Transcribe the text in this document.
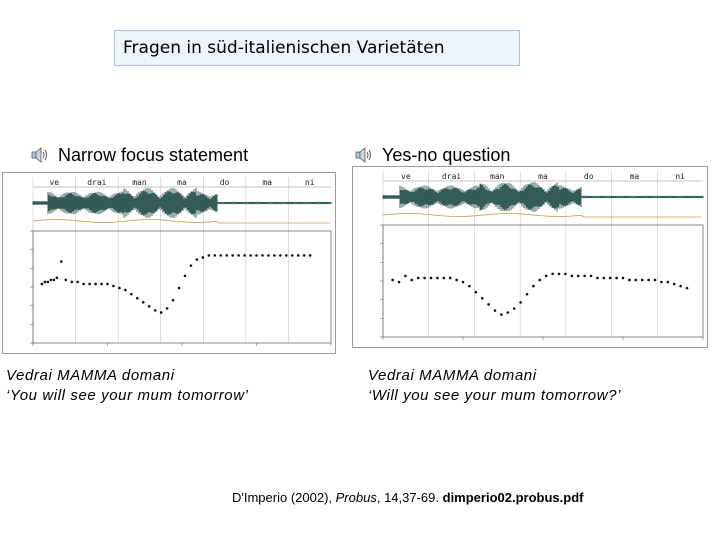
Fragen in süd-italienischen Varietäten
Narrow focus statement
ve	drai	man	ma	do	ma	ni
Vedrai MAMMA domani
‘You will see your mum tomorrow’
Yes-no question
ve	drai	man	ma	do	ma	ni
Vedrai MAMMA domani
‘Will you see your mum tomorrow?’
D'Imperio (2002), Probus, 14,37-69. dimperio02.probus.pdf
